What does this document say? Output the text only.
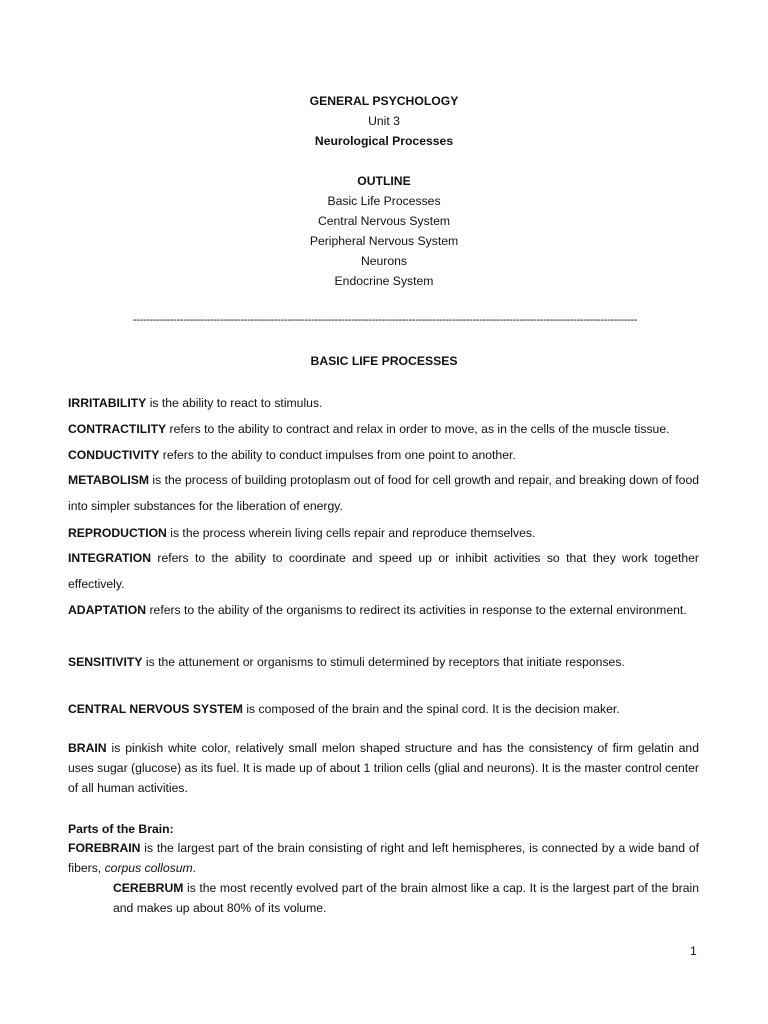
GENERAL PSYCHOLOGY
Unit 3
Neurological Processes
OUTLINE
Basic Life Processes
Central Nervous System
Peripheral Nervous System
Neurons
Endocrine System
------------------------------------------------------------------------------------------------------------------------------------------------------
BASIC LIFE PROCESSES
IRRITABILITY is the ability to react to stimulus.
CONTRACTILITY refers to the ability to contract and relax in order to move, as in the cells of the muscle tissue.
CONDUCTIVITY refers to the ability to conduct impulses from one point to another.
METABOLISM is the process of building protoplasm out of food for cell growth and repair, and breaking down of food into simpler substances for the liberation of energy.
REPRODUCTION is the process wherein living cells repair and reproduce themselves.
INTEGRATION refers to the ability to coordinate and speed up or inhibit activities so that they work together effectively.
ADAPTATION refers to the ability of the organisms to redirect its activities in response to the external environment.
SENSITIVITY is the attunement or organisms to stimuli determined by receptors that initiate responses.
CENTRAL NERVOUS SYSTEM is composed of the brain and the spinal cord. It is the decision maker.
BRAIN is pinkish white color, relatively small melon shaped structure and has the consistency of firm gelatin and uses sugar (glucose) as its fuel. It is made up of about 1 trilion cells (glial and neurons). It is the master control center of all human activities.
Parts of the Brain:
FOREBRAIN is the largest part of the brain consisting of right and left hemispheres, is connected by a wide band of fibers, corpus collosum.
CEREBRUM is the most recently evolved part of the brain almost like a cap. It is the largest part of the brain and makes up about 80% of its volume.
1
